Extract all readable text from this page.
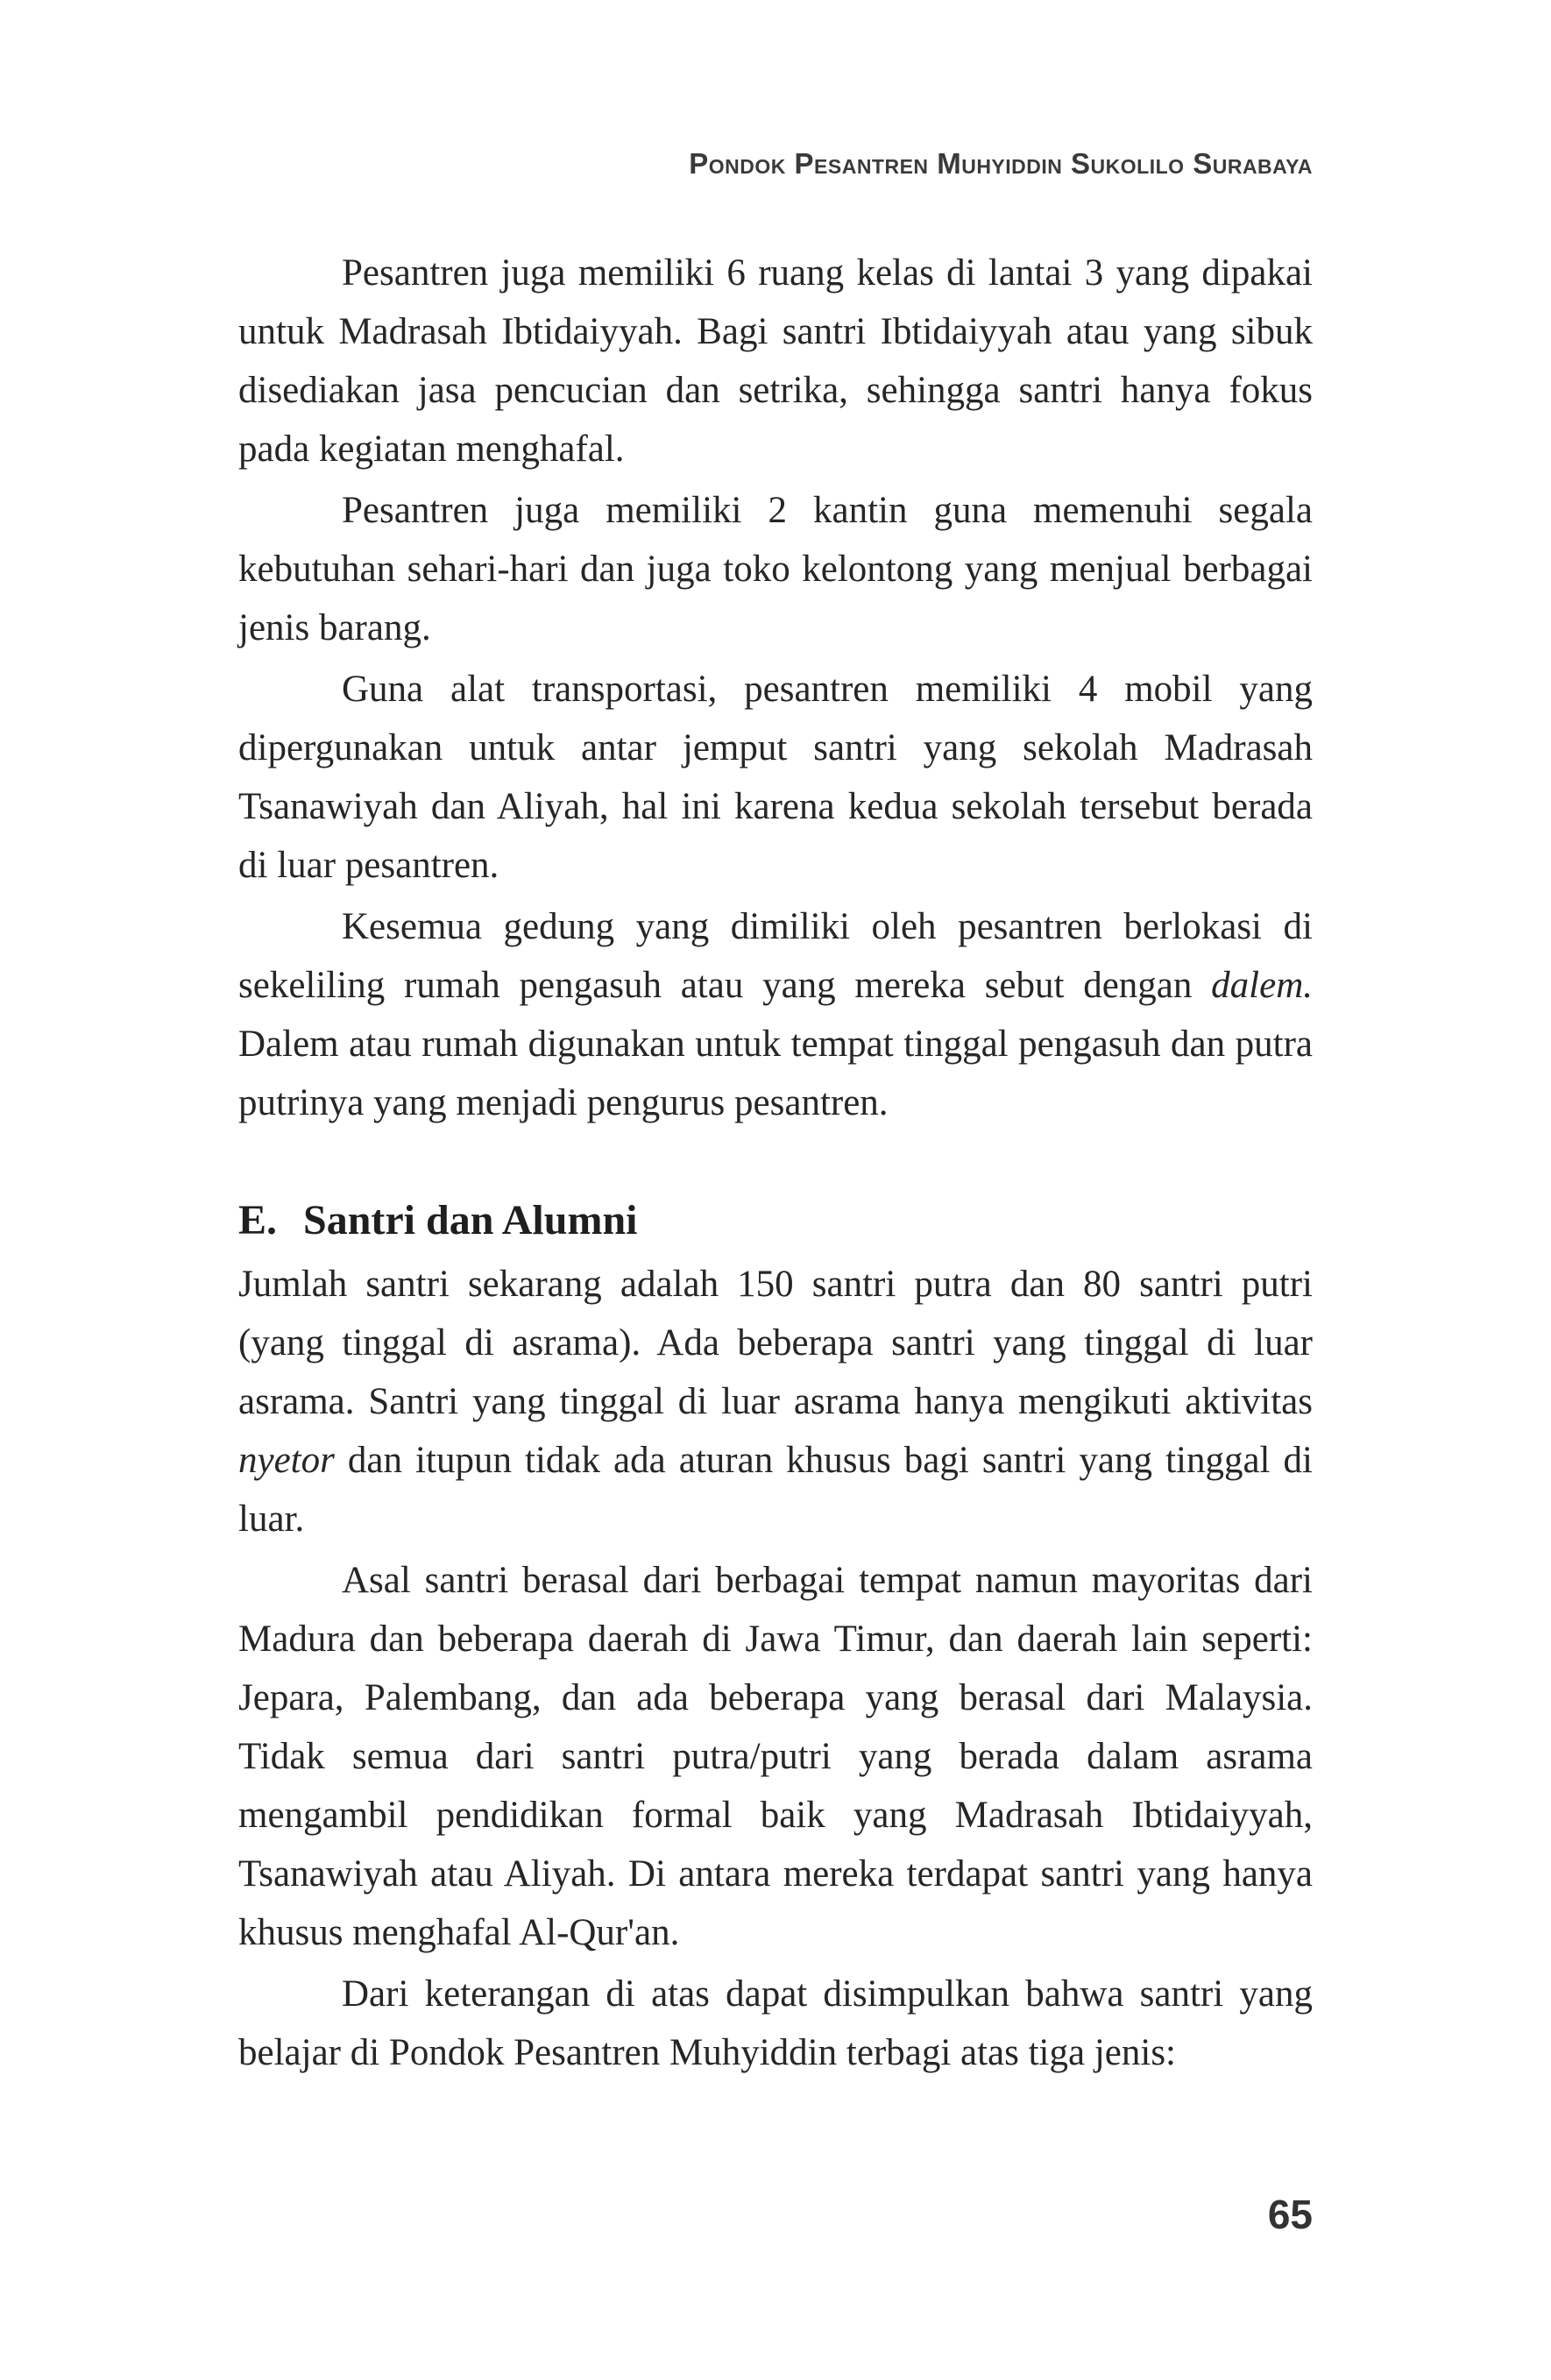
Pondok Pesantren Muhyiddin Sukolilo Surabaya

Pesantren juga memiliki 6 ruang kelas di lantai 3 yang dipakai untuk Madrasah Ibtidaiyyah. Bagi santri Ibtidaiyyah atau yang sibuk disediakan jasa pencucian dan setrika, sehingga santri hanya fokus pada kegiatan menghafal.

Pesantren juga memiliki 2 kantin guna memenuhi segala kebutuhan sehari-hari dan juga toko kelontong yang menjual berbagai jenis barang.

Guna alat transportasi, pesantren memiliki 4 mobil yang dipergunakan untuk antar jemput santri yang sekolah Madrasah Tsanawiyah dan Aliyah, hal ini karena kedua sekolah tersebut berada di luar pesantren.

Kesemua gedung yang dimiliki oleh pesantren berlokasi di sekeliling rumah pengasuh atau yang mereka sebut dengan dalem. Dalem atau rumah digunakan untuk tempat tinggal pengasuh dan putra putrinya yang menjadi pengurus pesantren.

E. Santri dan Alumni

Jumlah santri sekarang adalah 150 santri putra dan 80 santri putri (yang tinggal di asrama). Ada beberapa santri yang tinggal di luar asrama. Santri yang tinggal di luar asrama hanya mengikuti aktivitas nyetor dan itupun tidak ada aturan khusus bagi santri yang tinggal di luar.

Asal santri berasal dari berbagai tempat namun mayoritas dari Madura dan beberapa daerah di Jawa Timur, dan daerah lain seperti: Jepara, Palembang, dan ada beberapa yang berasal dari Malaysia. Tidak semua dari santri putra/putri yang berada dalam asrama mengambil pendidikan formal baik yang Madrasah Ibtidaiyyah, Tsanawiyah atau Aliyah. Di antara mereka terdapat santri yang hanya khusus menghafal Al-Qur'an.

Dari keterangan di atas dapat disimpulkan bahwa santri yang belajar di Pondok Pesantren Muhyiddin terbagi atas tiga jenis:

65
